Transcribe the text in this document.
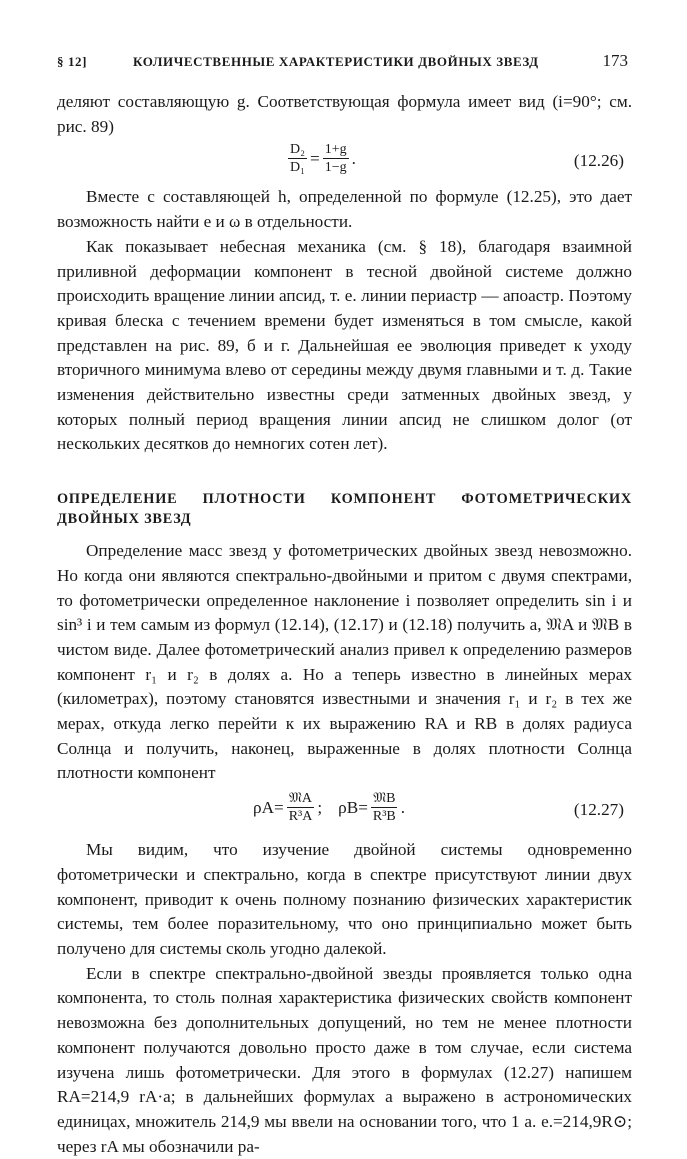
§ 12]	КОЛИЧЕСТВЕННЫЕ ХАРАКТЕРИСТИКИ ДВОЙНЫХ ЗВЕЗД	173

деляют составляющую g. Соответствующая формула имеет вид (i=90°; см. рис. 89)

$\frac{\text{D₂}}{\text{D₁}} = \frac{1+g}{1-g}$ .	(12.26)

Вместе с составляющей h, определенной по формуле (12.25), это дает возможность найти e и ω в отдельности.

Как показывает небесная механика (см. § 18), благодаря взаимной приливной деформации компонент в тесной двойной системе должно происходить вращение линии апсид, т. е. линии периастр — апоастр. Поэтому кривая блеска с течением времени будет изменяться в том смысле, какой представлен на рис. 89, б и г. Дальнейшая ее эволюция приведет к уходу вторичного минимума влево от середины между двумя главными и т. д. Такие изменения действительно известны среди затменных двойных звезд, у которых полный период вращения линии апсид не слишком долог (от нескольких десятков до немногих сотен лет).

ОПРЕДЕЛЕНИЕ ПЛОТНОСТИ КОМПОНЕНТ ФОТОМЕТРИЧЕСКИХ ДВОЙНЫХ ЗВЕЗД

Определение масс звезд у фотометрических двойных звезд невозможно. Но когда они являются спектрально-двойными и притом с двумя спектрами, то фотометрически определенное наклонение i позволяет определить sin i и sin³ i и тем самым из формул (12.14), (12.17) и (12.18) получить a, 𝔐A и 𝔐B в чистом виде. Далее фотометрический анализ привел к определению размеров компонент r₁ и r₂ в долях a. Но a теперь известно в линейных мерах (километрах), поэтому становятся известными и значения r₁ и r₂ в тех же мерах, откуда легко перейти к их выражению RA и RB в долях радиуса Солнца и получить, наконец, выраженные в долях плотности Солнца плотности компонент

$\rho A = \frac{\text{𝔐A}}{\text{R³A}}$ ; $\rho B = \frac{\text{𝔐B}}{\text{R³B}}$ .	(12.27)

Мы видим, что изучение двойной системы одновременно фотометрически и спектрально, когда в спектре присутствуют линии двух компонент, приводит к очень полному познанию физических характеристик системы, тем более поразительному, что оно принципиально может быть получено для системы сколь угодно далекой.

Если в спектре спектрально-двойной звезды проявляется только одна компонента, то столь полная характеристика физических свойств компонент невозможна без дополнительных допущений, но тем не менее плотности компонент получаются довольно просто даже в том случае, если система изучена лишь фотометрически. Для этого в формулах (12.27) напишем RA=214,9 rA·a; в дальнейших формулах a выражено в астрономических единицах, множитель 214,9 мы ввели на основании того, что 1 а. е.=214,9R⊙; через rA мы обозначили ра-
